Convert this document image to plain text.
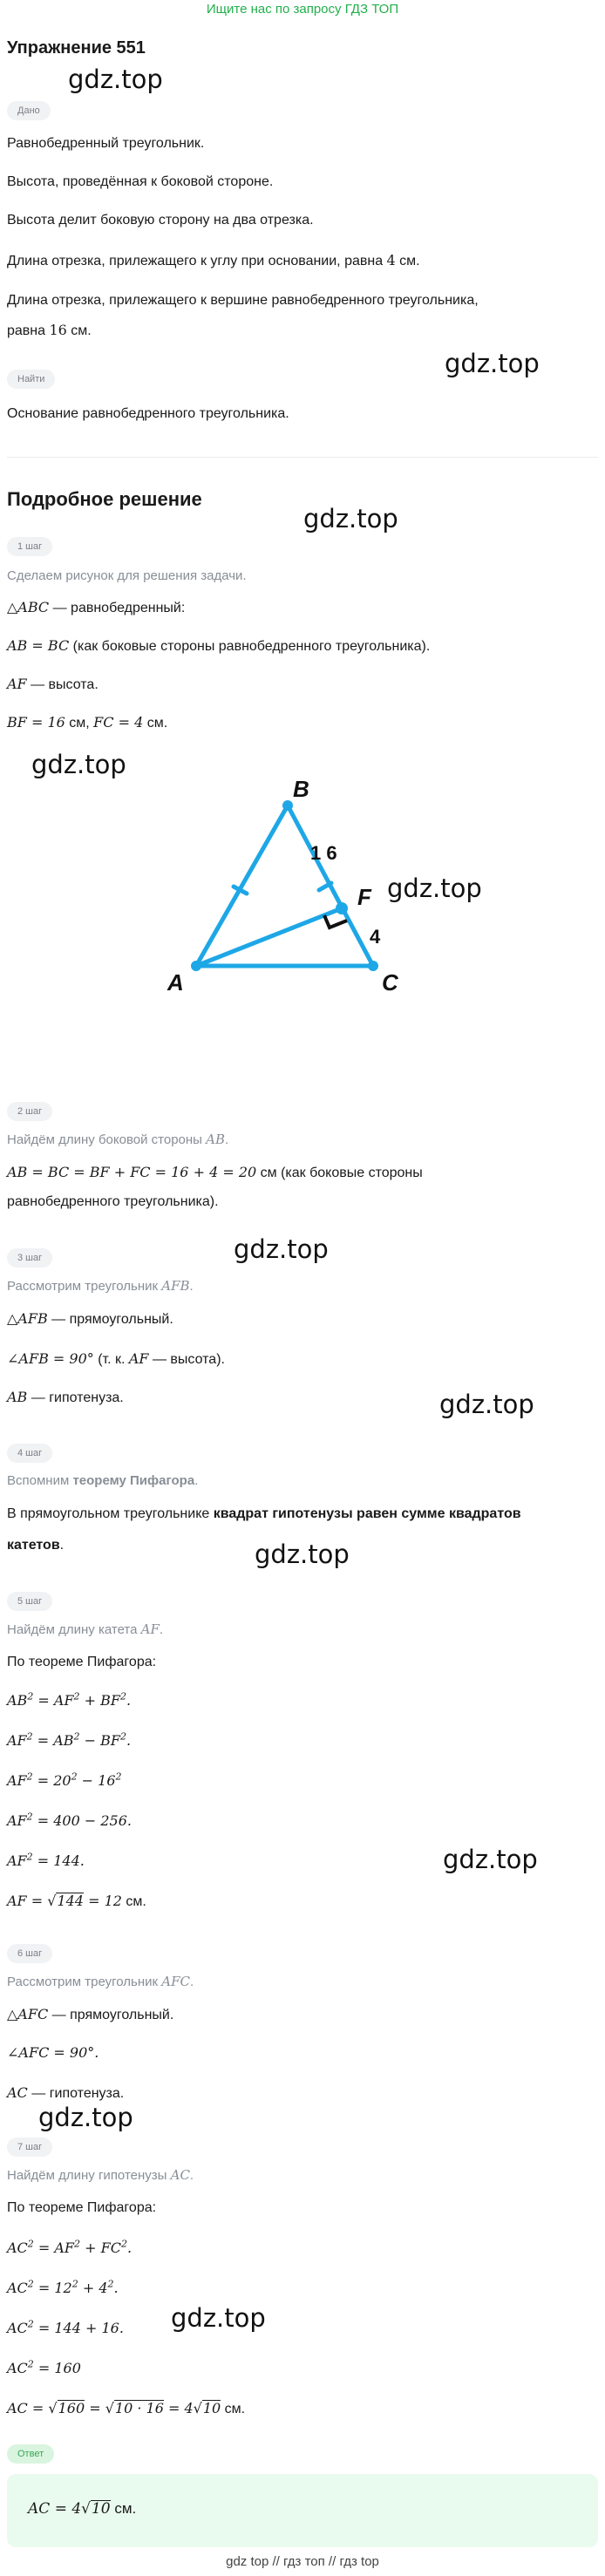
Ищите нас по запросу ГДЗ ТОП
Упражнение 551
gdz.top
gdz.top
gdz.top
gdz.top
gdz.top
gdz.top
gdz.top
gdz.top
gdz.top
gdz.top
gdz.top
Дано
Равнобедренный треугольник.
Высота, проведённая к боковой стороне.
Высота делит боковую сторону на два отрезка.
Длина отрезка, прилежащего к углу при основании, равна 4 см.
Длина отрезка, прилежащего к вершине равнобедренного треугольника,
равна 16 см.
Найти
Основание равнобедренного треугольника.
Подробное решение
1 шаг
Сделаем рисунок для решения задачи.
△ABC — равнобедренный:
AB = BC (как боковые стороны равнобедренного треугольника).
AF — высота.
BF = 16 см, FC = 4 см.
B
F
A	C
1 6
4
2 шаг
Найдём длину боковой стороны AB.
AB = BC = BF + FC = 16 + 4 = 20 см (как боковые стороны
равнобедренного треугольника).
3 шаг
Рассмотрим треугольник AFB.
△AFB — прямоугольный.
∠AFB = 90° (т. к. AF — высота).
AB — гипотенуза.
4 шаг
Вспомним теорему Пифагора.
В прямоугольном треугольнике квадрат гипотенузы равен сумме квадратов
катетов.
5 шаг
Найдём длину катета AF.
По теореме Пифагора:
$AB^2 = AF^2 + BF^2$.
$AF^2 = AB^2 - BF^2$.
$AF^2 = 20^2 - 16^2$
$AF^2 = 400 - 256$.
$AF^2 = 144$.
AF = √144 = 12 см.
6 шаг
Рассмотрим треугольник AFC.
△AFC — прямоугольный.
∠AFC = 90°.
AC — гипотенуза.
7 шаг
Найдём длину гипотенузы AC.
По теореме Пифагора:
$AC^2 = AF^2 + FC^2$.
$AC^2 = 12^2 + 4^2$.
$AC^2 = 144 + 16$.
$AC^2 = 160$
AC = √160 = √10 · 16 = 4√10 см.
Ответ
AC = 4√10 см.
gdz top // гдз топ // гдз top
